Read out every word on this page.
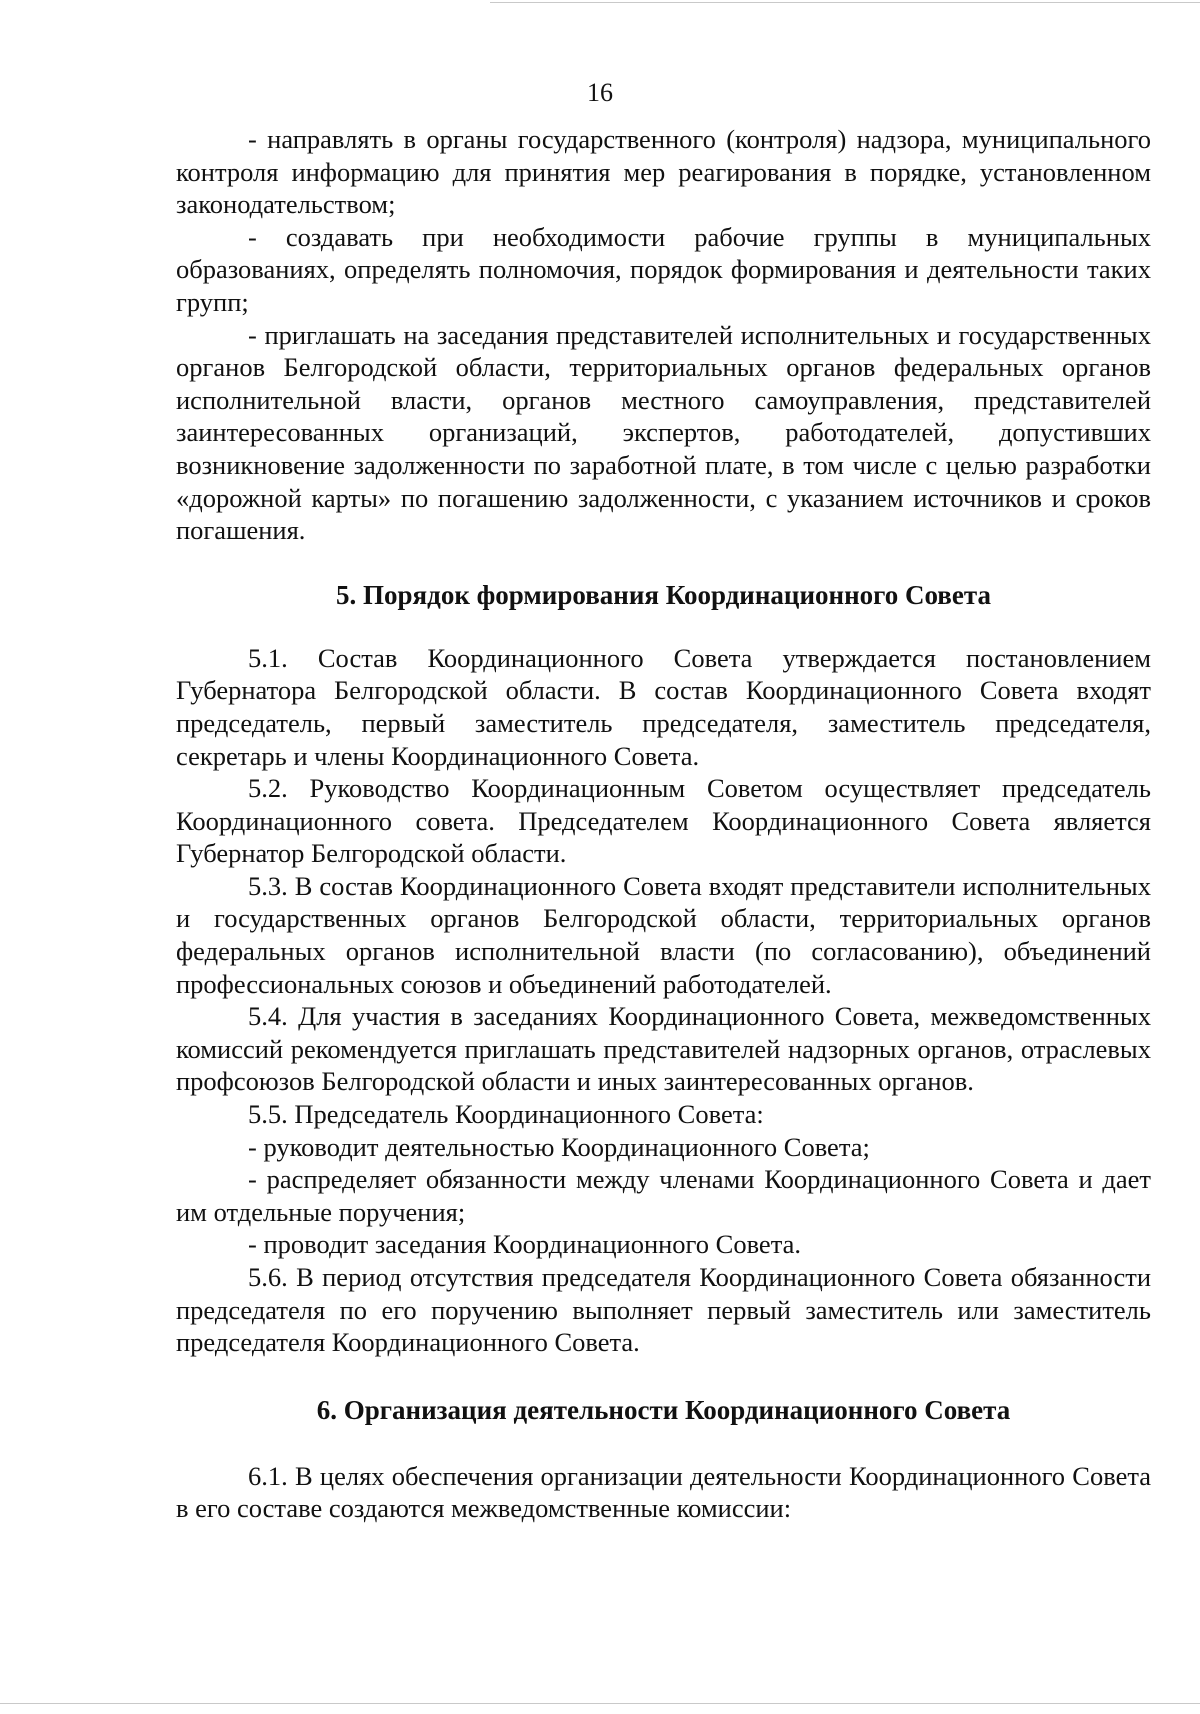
16

- направлять в органы государственного (контроля) надзора, муниципального контроля информацию для принятия мер реагирования в порядке, установленном законодательством;

- создавать при необходимости рабочие группы в муниципальных образованиях, определять полномочия, порядок формирования и деятельности таких групп;

- приглашать на заседания представителей исполнительных и государственных органов Белгородской области, территориальных органов федеральных органов исполнительной власти, органов местного самоуправления, представителей заинтересованных организаций, экспертов, работодателей, допустивших возникновение задолженности по заработной плате, в том числе с целью разработки «дорожной карты» по погашению задолженности, с указанием источников и сроков погашения.

5. Порядок формирования Координационного Совета

5.1. Состав Координационного Совета утверждается постановлением Губернатора Белгородской области. В состав Координационного Совета входят председатель, первый заместитель председателя, заместитель председателя, секретарь и члены Координационного Совета.

5.2. Руководство Координационным Советом осуществляет председатель Координационного совета. Председателем Координационного Совета является Губернатор Белгородской области.

5.3. В состав Координационного Совета входят представители исполнительных и государственных органов Белгородской области, территориальных органов федеральных органов исполнительной власти (по согласованию), объединений профессиональных союзов и объединений работодателей.

5.4. Для участия в заседаниях Координационного Совета, межведомственных комиссий рекомендуется приглашать представителей надзорных органов, отраслевых профсоюзов Белгородской области и иных заинтересованных органов.

5.5. Председатель Координационного Совета:

- руководит деятельностью Координационного Совета;

- распределяет обязанности между членами Координационного Совета и дает им отдельные поручения;

- проводит заседания Координационного Совета.

5.6. В период отсутствия председателя Координационного Совета обязанности председателя по его поручению выполняет первый заместитель или заместитель председателя Координационного Совета.

6. Организация деятельности Координационного Совета

6.1. В целях обеспечения организации деятельности Координационного Совета в его составе создаются межведомственные комиссии:
